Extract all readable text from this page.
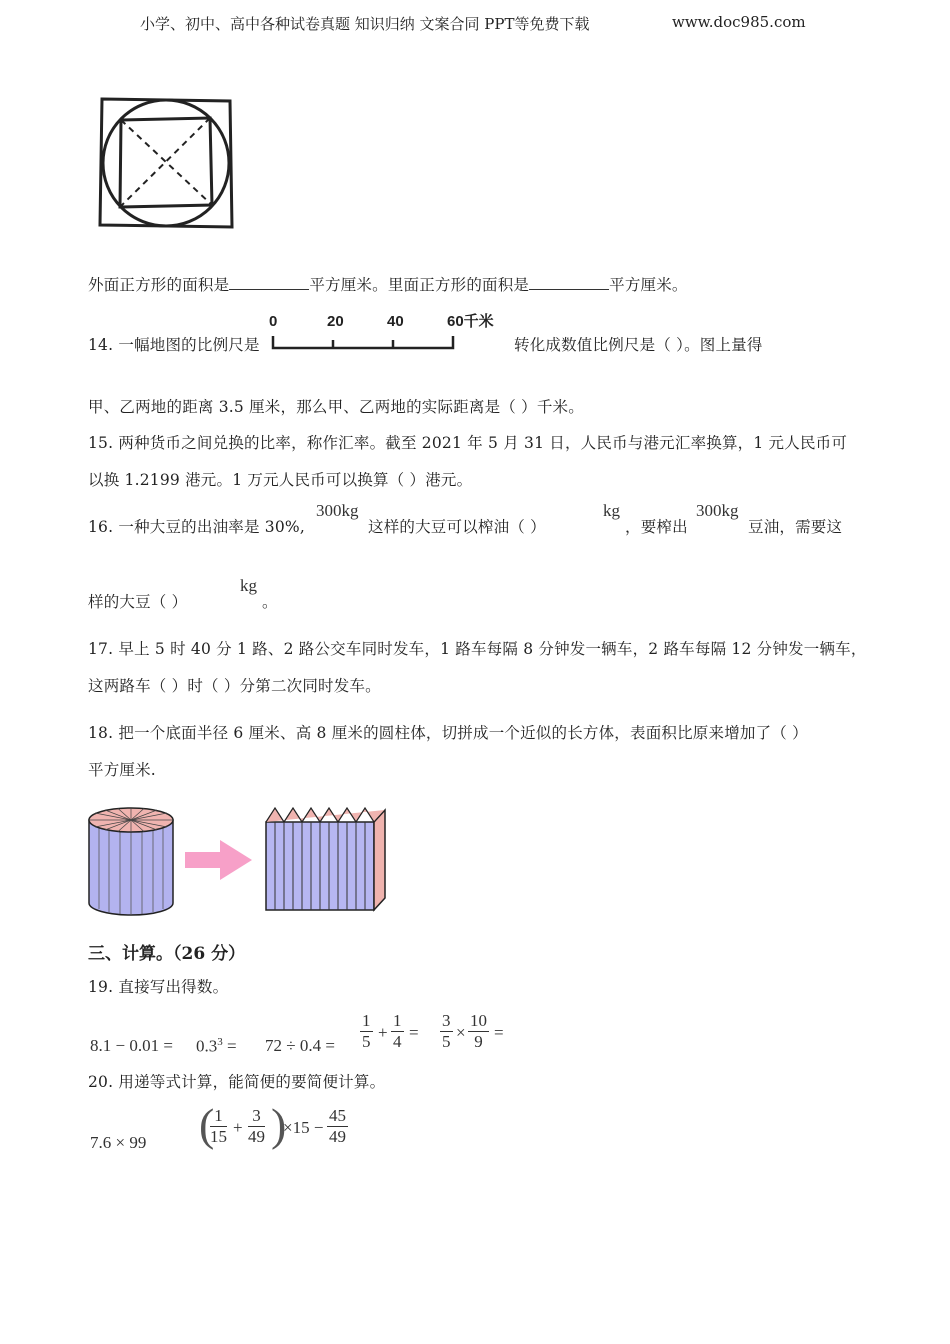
小学、初中、高中各种试卷真题 知识归纳 文案合同 PPT等免费下载	www.doc985.com
外面正方形的面积是	平方厘米。里面正方形的面积是	平方厘米。
14. 一幅地图的比例尺是
0	20	40	60千米
转化成数值比例尺是（ ）。图上量得
甲、乙两地的距离 3.5 厘米，那么甲、乙两地的实际距离是（ ）千米。
15. 两种货币之间兑换的比率，称作汇率。截至 2021 年 5 月 31 日，人民币与港元汇率换算，1 元人民币可
以换 1.2199 港元。1 万元人民币可以换算（ ）港元。
16. 一种大豆的出油率是 30%,
300kg
这样的大豆可以榨油（ ）
kg
，要榨出
300kg
豆油，需要这
样的大豆（ ）
kg
。
17. 早上 5 时 40 分 1 路、2 路公交车同时发车，1 路车每隔 8 分钟发一辆车，2 路车每隔 12 分钟发一辆车，
这两路车（ ）时（ ）分第二次同时发车。
18. 把一个底面半径 6 厘米、高 8 厘米的圆柱体，切拼成一个近似的长方体，表面积比原来增加了（ ）
平方厘米.
三、计算。（26 分）
19. 直接写出得数。
$8.1 - 0.01 = 0.3^3 = 72 \div 0.4 = \frac{1}{5} + \frac{1}{4} = \frac{3}{5} \times \frac{10}{9}$ =
20. 用递等式计算，能简便的要简便计算。
7.6 × 99 (
$\frac{1}{15} + \frac{3}{49}$ )
$\times 15 - \frac{45}{49}$
